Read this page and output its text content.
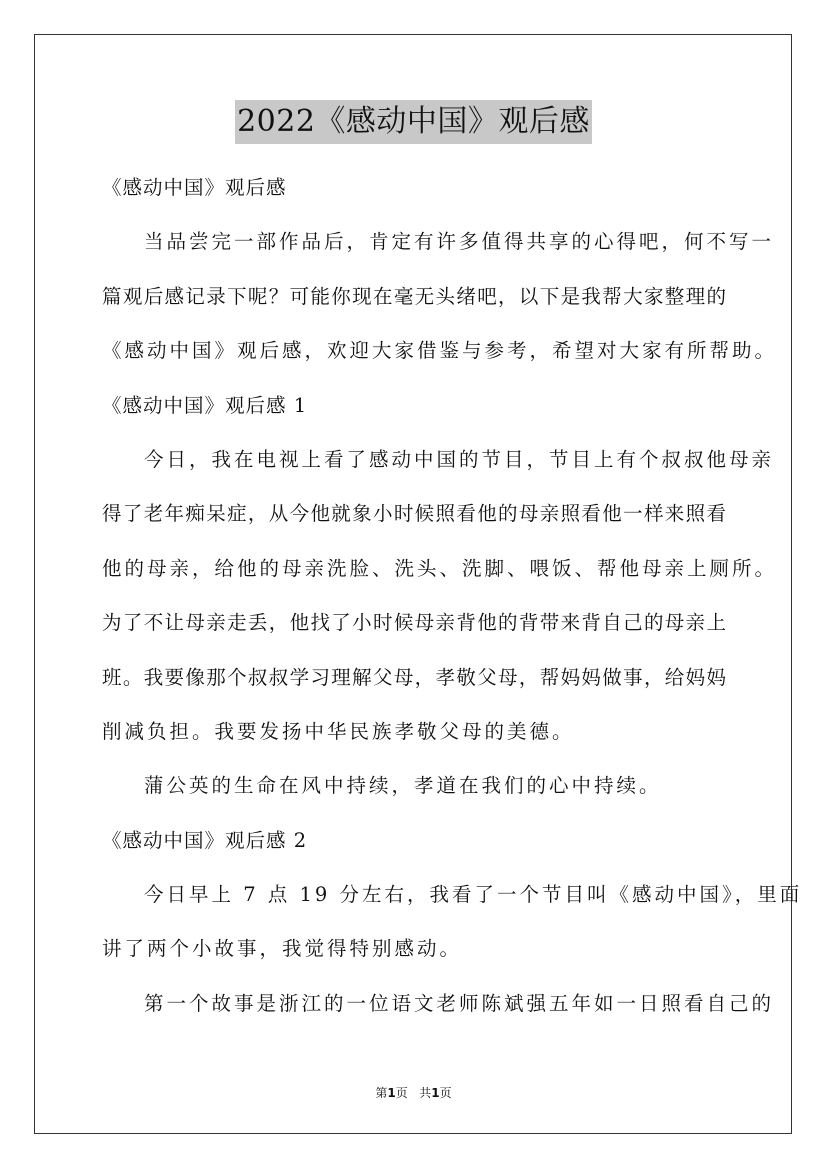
2022《感动中国》观后感
《感动中国》观后感
当品尝完一部作品后，肯定有许多值得共享的心得吧，何不写一
篇观后感记录下呢？可能你现在毫无头绪吧，以下是我帮大家整理的
《感动中国》观后感，欢迎大家借鉴与参考，希望对大家有所帮助。
《感动中国》观后感 1
今日，我在电视上看了感动中国的节目，节目上有个叔叔他母亲
得了老年痴呆症，从今他就象小时候照看他的母亲照看他一样来照看
他的母亲，给他的母亲洗脸、洗头、洗脚、喂饭、帮他母亲上厕所。
为了不让母亲走丢，他找了小时候母亲背他的背带来背自己的母亲上
班。我要像那个叔叔学习理解父母，孝敬父母，帮妈妈做事，给妈妈
削减负担。我要发扬中华民族孝敬父母的美德。
蒲公英的生命在风中持续，孝道在我们的心中持续。
《感动中国》观后感 2
今日早上 7 点 19 分左右，我看了一个节目叫《感动中国》，里面
讲了两个小故事，我觉得特别感动。
第一个故事是浙江的一位语文老师陈斌强五年如一日照看自己的
第1页   共1页
